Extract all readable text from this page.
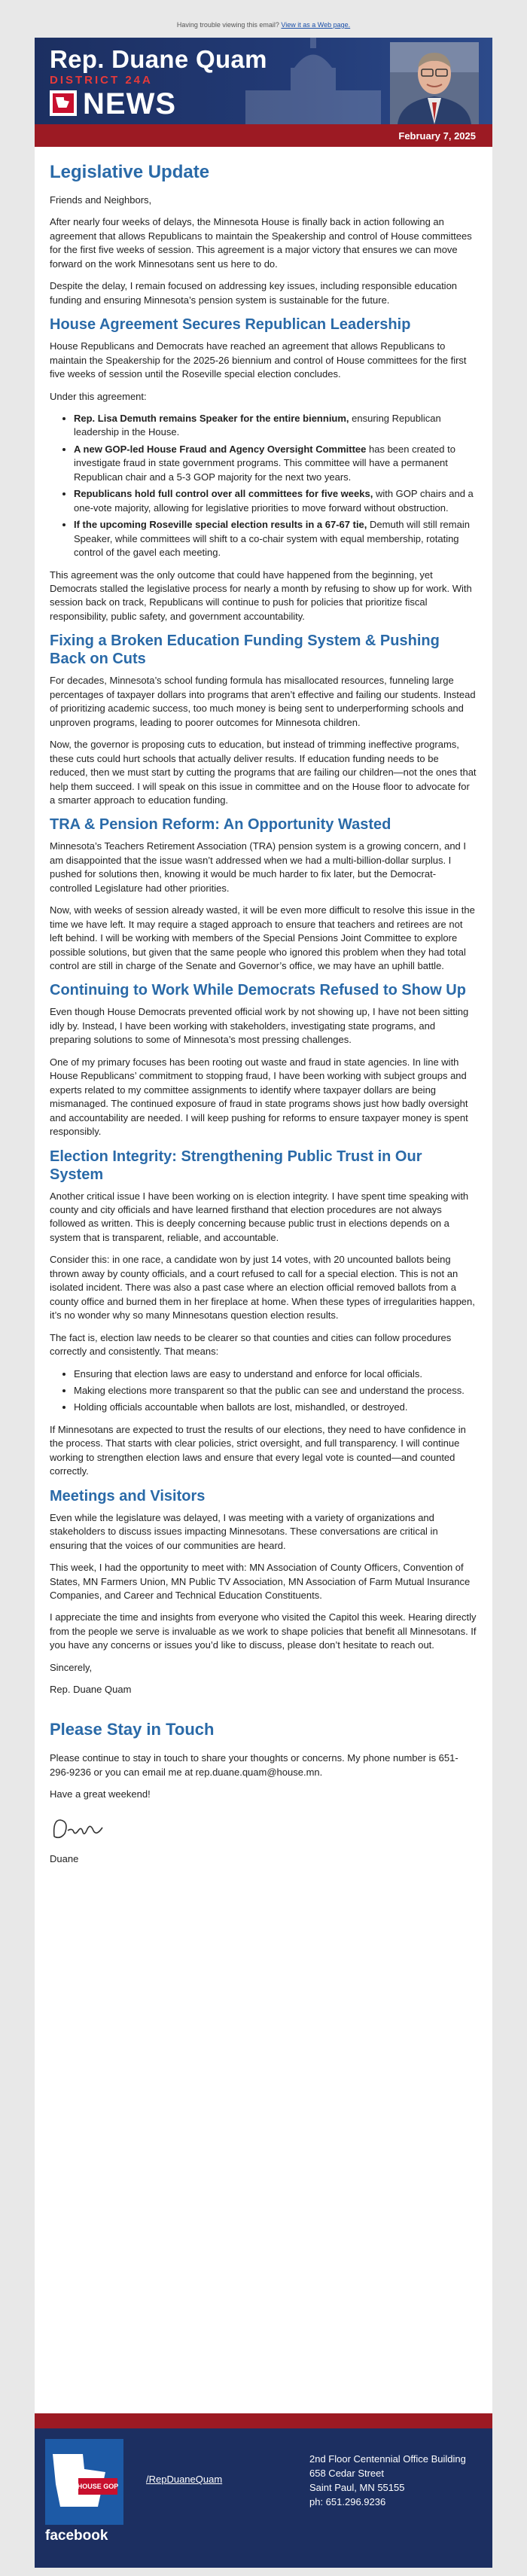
Having trouble viewing this email? View it as a Web page.
Rep. Duane Quam
DISTRICT 24A
NEWS
February 7, 2025
Legislative Update

Friends and Neighbors,

After nearly four weeks of delays, the Minnesota House is finally back in action following an agreement that allows Republicans to maintain the Speakership and control of House committees for the first five weeks of session. This agreement is a major victory that ensures we can move forward on the work Minnesotans sent us here to do.

Despite the delay, I remain focused on addressing key issues, including responsible education funding and ensuring Minnesota’s pension system is sustainable for the future.

House Agreement Secures Republican Leadership

House Republicans and Democrats have reached an agreement that allows Republicans to maintain the Speakership for the 2025-26 biennium and control of House committees for the first five weeks of session until the Roseville special election concludes.

Under this agreement:

• Rep. Lisa Demuth remains Speaker for the entire biennium, ensuring Republican leadership in the House.
• A new GOP-led House Fraud and Agency Oversight Committee has been created to investigate fraud in state government programs. This committee will have a permanent Republican chair and a 5-3 GOP majority for the next two years.
• Republicans hold full control over all committees for five weeks, with GOP chairs and a one-vote majority, allowing for legislative priorities to move forward without obstruction.
• If the upcoming Roseville special election results in a 67-67 tie, Demuth will still remain Speaker, while committees will shift to a co-chair system with equal membership, rotating control of the gavel each meeting.

This agreement was the only outcome that could have happened from the beginning, yet Democrats stalled the legislative process for nearly a month by refusing to show up for work. With session back on track, Republicans will continue to push for policies that prioritize fiscal responsibility, public safety, and government accountability.

Fixing a Broken Education Funding System & Pushing Back on Cuts

For decades, Minnesota’s school funding formula has misallocated resources, funneling large percentages of taxpayer dollars into programs that aren’t effective and failing our students. Instead of prioritizing academic success, too much money is being sent to underperforming schools and unproven programs, leading to poorer outcomes for Minnesota children.

Now, the governor is proposing cuts to education, but instead of trimming ineffective programs, these cuts could hurt schools that actually deliver results. If education funding needs to be reduced, then we must start by cutting the programs that are failing our children—not the ones that help them succeed. I will speak on this issue in committee and on the House floor to advocate for a smarter approach to education funding.

TRA & Pension Reform: An Opportunity Wasted

Minnesota’s Teachers Retirement Association (TRA) pension system is a growing concern, and I am disappointed that the issue wasn’t addressed when we had a multi-billion-dollar surplus. I pushed for solutions then, knowing it would be much harder to fix later, but the Democrat-controlled Legislature had other priorities.

Now, with weeks of session already wasted, it will be even more difficult to resolve this issue in the time we have left. It may require a staged approach to ensure that teachers and retirees are not left behind. I will be working with members of the Special Pensions Joint Committee to explore possible solutions, but given that the same people who ignored this problem when they had total control are still in charge of the Senate and Governor’s office, we may have an uphill battle.

Continuing to Work While Democrats Refused to Show Up

Even though House Democrats prevented official work by not showing up, I have not been sitting idly by. Instead, I have been working with stakeholders, investigating state programs, and preparing solutions to some of Minnesota’s most pressing challenges.

One of my primary focuses has been rooting out waste and fraud in state agencies. In line with House Republicans’ commitment to stopping fraud, I have been working with subject groups and experts related to my committee assignments to identify where taxpayer dollars are being mismanaged. The continued exposure of fraud in state programs shows just how badly oversight and accountability are needed. I will keep pushing for reforms to ensure taxpayer money is spent responsibly.

Election Integrity: Strengthening Public Trust in Our System

Another critical issue I have been working on is election integrity. I have spent time speaking with county and city officials and have learned firsthand that election procedures are not always followed as written. This is deeply concerning because public trust in elections depends on a system that is transparent, reliable, and accountable.

Consider this: in one race, a candidate won by just 14 votes, with 20 uncounted ballots being thrown away by county officials, and a court refused to call for a special election. This is not an isolated incident. There was also a past case where an election official removed ballots from a county office and burned them in her fireplace at home. When these types of irregularities happen, it’s no wonder why so many Minnesotans question election results.

The fact is, election law needs to be clearer so that counties and cities can follow procedures correctly and consistently. That means:

• Ensuring that election laws are easy to understand and enforce for local officials.
• Making elections more transparent so that the public can see and understand the process.
• Holding officials accountable when ballots are lost, mishandled, or destroyed.

If Minnesotans are expected to trust the results of our elections, they need to have confidence in the process. That starts with clear policies, strict oversight, and full transparency. I will continue working to strengthen election laws and ensure that every legal vote is counted—and counted correctly.

Meetings and Visitors

Even while the legislature was delayed, I was meeting with a variety of organizations and stakeholders to discuss issues impacting Minnesotans. These conversations are critical in ensuring that the voices of our communities are heard.

This week, I had the opportunity to meet with: MN Association of County Officers, Convention of States, MN Farmers Union, MN Public TV Association, MN Association of Farm Mutual Insurance Companies, and Career and Technical Education Constituents.

I appreciate the time and insights from everyone who visited the Capitol this week. Hearing directly from the people we serve is invaluable as we work to shape policies that benefit all Minnesotans. If you have any concerns or issues you’d like to discuss, please don’t hesitate to reach out.

Sincerely,

Rep. Duane Quam

Please Stay in Touch

Please continue to stay in touch to share your thoughts or concerns. My phone number is 651-296-9236 or you can email me at rep.duane.quam@house.mn.

Have a great weekend!

Duane

HOUSE GOP
/RepDuaneQuam
facebook
2nd Floor Centennial Office Building
658 Cedar Street
Saint Paul, MN 55155
ph: 651.296.9236
